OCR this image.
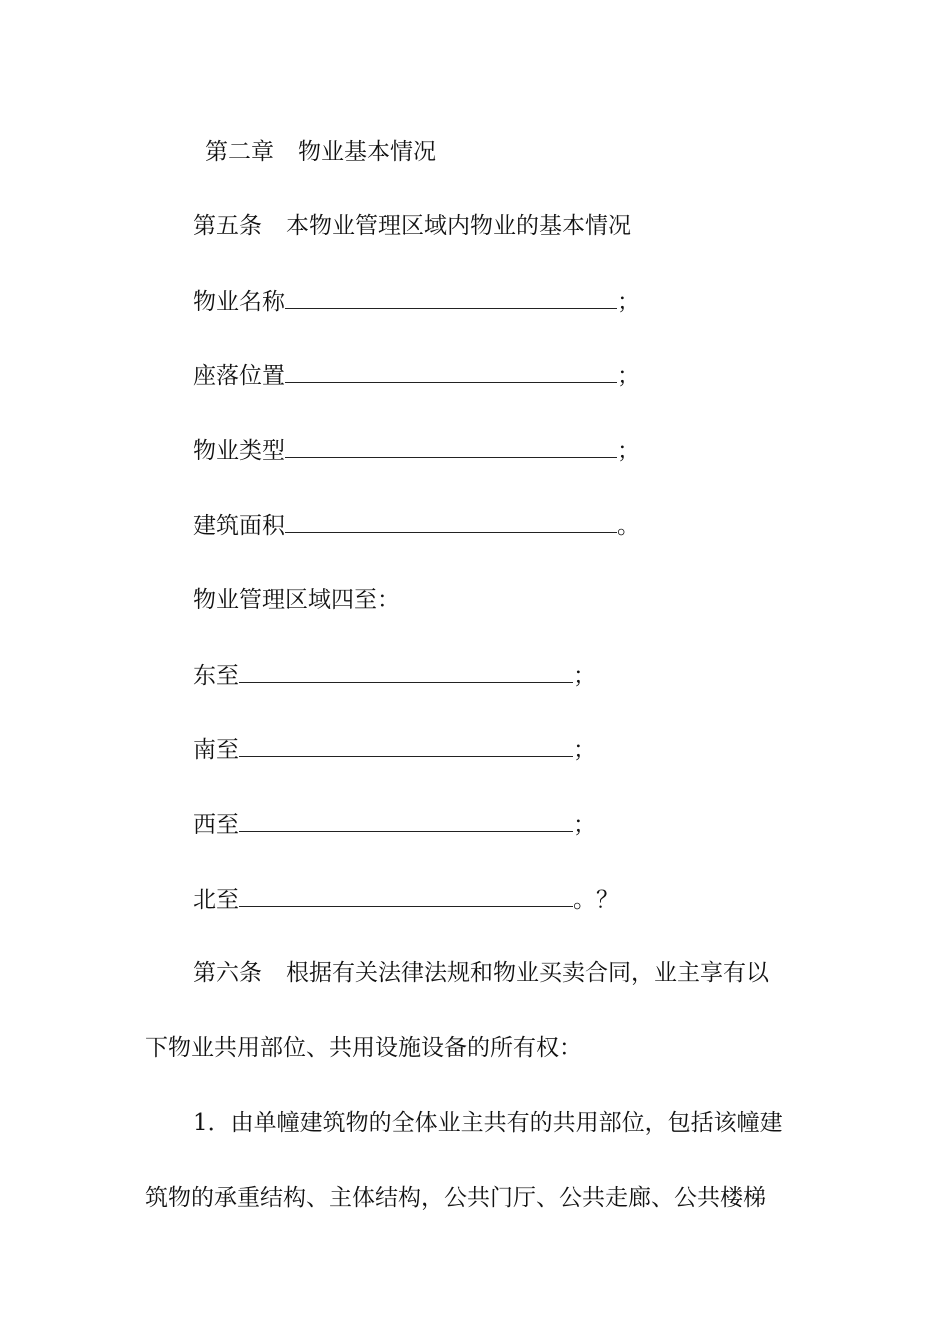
第二章 物业基本情况
第五条 本物业管理区域内物业的基本情况
物业名称	；
座落位置	；
物业类型	；
建筑面积	。
物业管理区域四至：
东至	；
南至	；
西至	；
北至	。？
第六条 根据有关法律法规和物业买卖合同，业主享有以
下物业共用部位、共用设施设备的所有权：
1．由单幢建筑物的全体业主共有的共用部位，包括该幢建
筑物的承重结构、主体结构，公共门厅、公共走廊、公共楼梯
